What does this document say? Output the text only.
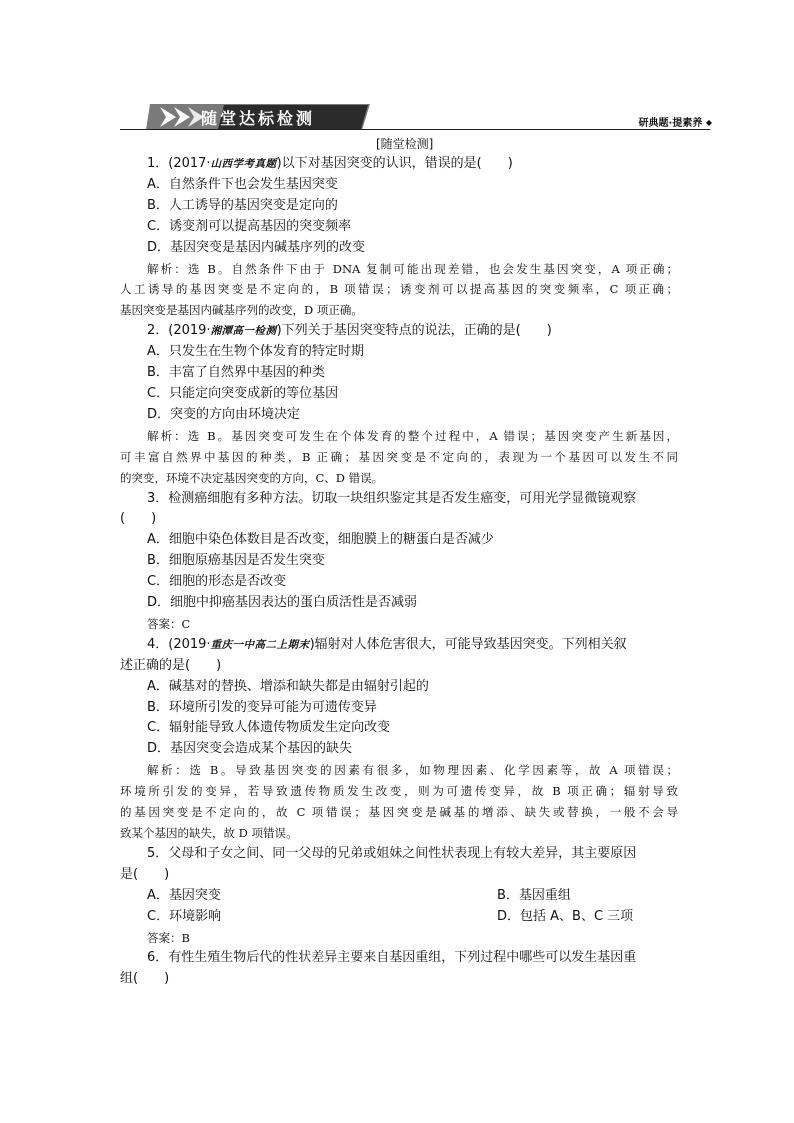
随堂达标检测	研典题·提素养 ◆
[随堂检测]
1．(2017·山西学考真题)以下对基因突变的认识，错误的是(　　)
A．自然条件下也会发生基因突变
B．人工诱导的基因突变是定向的
C．诱变剂可以提高基因的突变频率
D．基因突变是基因内碱基序列的改变
解析：选 B。自然条件下由于 DNA 复制可能出现差错，也会发生基因突变，A 项正确；
人工诱导的基因突变是不定向的，B 项错误；诱变剂可以提高基因的突变频率，C 项正确；
基因突变是基因内碱基序列的改变，D 项正确。
2．(2019·湘潭高一检测)下列关于基因突变特点的说法，正确的是(　　)
A．只发生在生物个体发育的特定时期
B．丰富了自然界中基因的种类
C．只能定向突变成新的等位基因
D．突变的方向由环境决定
解析：选 B。基因突变可发生在个体发育的整个过程中，A 错误；基因突变产生新基因，
可丰富自然界中基因的种类，B 正确；基因突变是不定向的，表现为一个基因可以发生不同
的突变，环境不决定基因突变的方向，C、D 错误。
3．检测癌细胞有多种方法。切取一块组织鉴定其是否发生癌变，可用光学显微镜观察
(　　)
A．细胞中染色体数目是否改变，细胞膜上的糖蛋白是否减少
B．细胞原癌基因是否发生突变
C．细胞的形态是否改变
D．细胞中抑癌基因表达的蛋白质活性是否减弱
答案：C
4．(2019·重庆一中高二上期末)辐射对人体危害很大，可能导致基因突变。下列相关叙
述正确的是(　　)
A．碱基对的替换、增添和缺失都是由辐射引起的
B．环境所引发的变异可能为可遗传变异
C．辐射能导致人体遗传物质发生定向改变
D．基因突变会造成某个基因的缺失
解析：选 B。导致基因突变的因素有很多，如物理因素、化学因素等，故 A 项错误；
环境所引发的变异，若导致遗传物质发生改变，则为可遗传变异，故 B 项正确；辐射导致
的基因突变是不定向的，故 C 项错误；基因突变是碱基的增添、缺失或替换，一般不会导
致某个基因的缺失，故 D 项错误。
5．父母和子女之间、同一父母的兄弟或姐妹之间性状表现上有较大差异，其主要原因
是(　　)
A．基因突变	B．基因重组
C．环境影响	D．包括 A、B、C 三项
答案：B
6．有性生殖生物后代的性状差异主要来自基因重组，下列过程中哪些可以发生基因重
组(　　)
